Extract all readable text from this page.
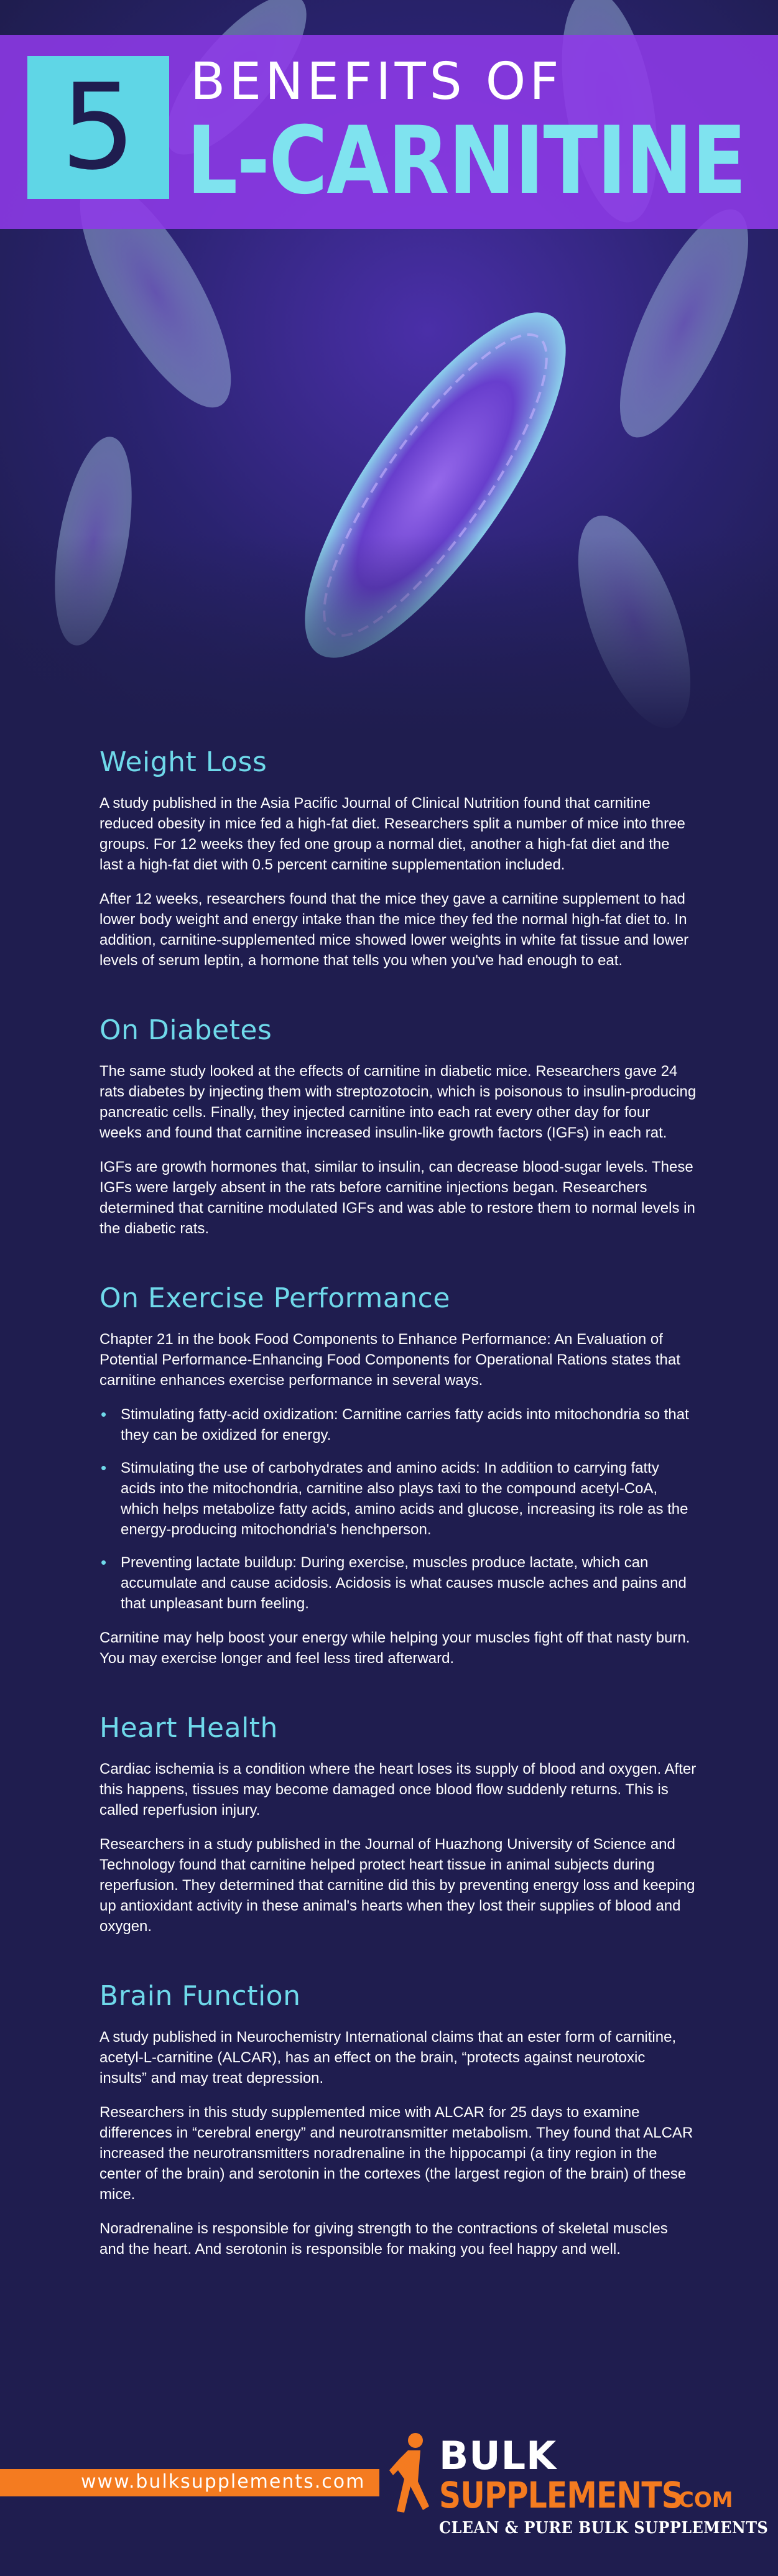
5	BENEFITS OF
L-CARNITINE
Weight Loss

A study published in the Asia Pacific Journal of Clinical Nutrition found that carnitine reduced obesity in mice fed a high-fat diet. Researchers split a number of mice into three groups. For 12 weeks they fed one group a normal diet, another a high-fat diet and the last a high-fat diet with 0.5 percent carnitine supplementation included.

After 12 weeks, researchers found that the mice they gave a carnitine supplement to had lower body weight and energy intake than the mice they fed the normal high-fat diet to. In addition, carnitine-supplemented mice showed lower weights in white fat tissue and lower levels of serum leptin, a hormone that tells you when you've had enough to eat.

On Diabetes

The same study looked at the effects of carnitine in diabetic mice. Researchers gave 24 rats diabetes by injecting them with streptozotocin, which is poisonous to insulin-producing pancreatic cells. Finally, they injected carnitine into each rat every other day for four weeks and found that carnitine increased insulin-like growth factors (IGFs) in each rat.

IGFs are growth hormones that, similar to insulin, can decrease blood-sugar levels. These IGFs were largely absent in the rats before carnitine injections began. Researchers determined that carnitine modulated IGFs and was able to restore them to normal levels in the diabetic rats.

On Exercise Performance

Chapter 21 in the book Food Components to Enhance Performance: An Evaluation of Potential Performance-Enhancing Food Components for Operational Rations states that carnitine enhances exercise performance in several ways.

• Stimulating fatty-acid oxidization: Carnitine carries fatty acids into mitochondria so that they can be oxidized for energy.
• Stimulating the use of carbohydrates and amino acids: In addition to carrying fatty acids into the mitochondria, carnitine also plays taxi to the compound acetyl-CoA, which helps metabolize fatty acids, amino acids and glucose, increasing its role as the energy-producing mitochondria's henchperson.
• Preventing lactate buildup: During exercise, muscles produce lactate, which can accumulate and cause acidosis. Acidosis is what causes muscle aches and pains and that unpleasant burn feeling.

Carnitine may help boost your energy while helping your muscles fight off that nasty burn. You may exercise longer and feel less tired afterward.

Heart Health

Cardiac ischemia is a condition where the heart loses its supply of blood and oxygen. After this happens, tissues may become damaged once blood flow suddenly returns. This is called reperfusion injury.

Researchers in a study published in the Journal of Huazhong University of Science and Technology found that carnitine helped protect heart tissue in animal subjects during reperfusion. They determined that carnitine did this by preventing energy loss and keeping up antioxidant activity in these animal's hearts when they lost their supplies of blood and oxygen.

Brain Function

A study published in Neurochemistry International claims that an ester form of carnitine, acetyl-L-carnitine (ALCAR), has an effect on the brain, “protects against neurotoxic insults” and may treat depression.

Researchers in this study supplemented mice with ALCAR for 25 days to examine differences in “cerebral energy” and neurotransmitter metabolism. They found that ALCAR increased the neurotransmitters noradrenaline in the hippocampi (a tiny region in the center of the brain) and serotonin in the cortexes (the largest region of the brain) of these mice.

Noradrenaline is responsible for giving strength to the contractions of skeletal muscles and the heart. And serotonin is responsible for making you feel happy and well.

www.bulksupplements.com
BULK
SUPPLEMENTS
.COM
CLEAN & PURE BULK SUPPLEMENTS
